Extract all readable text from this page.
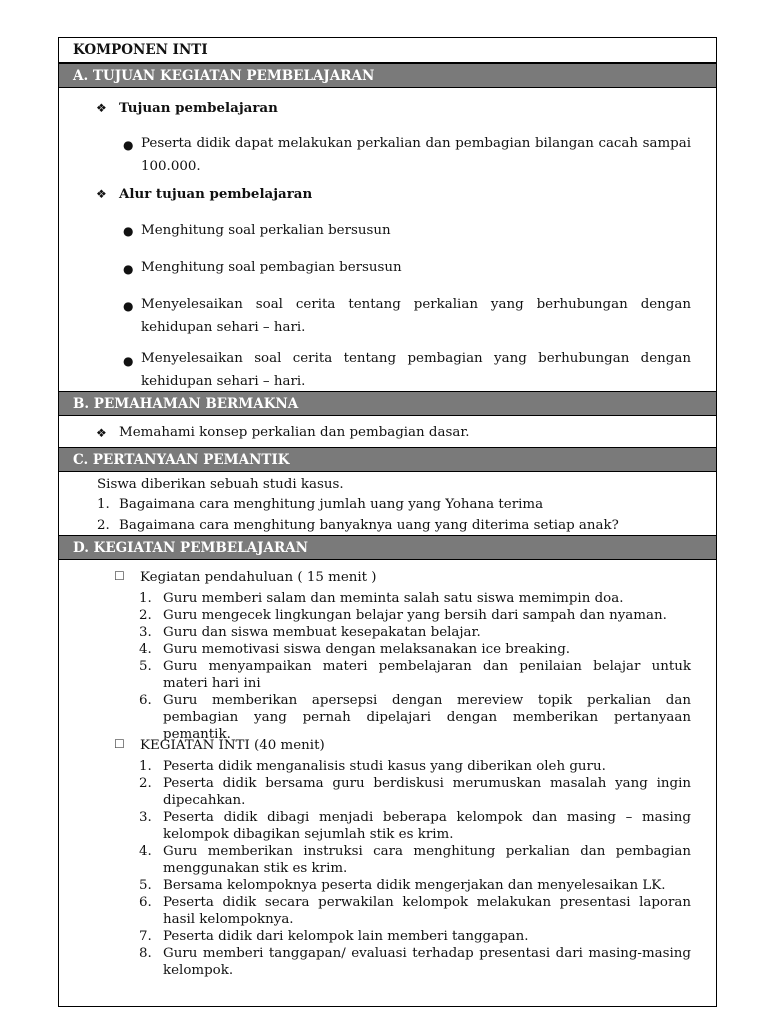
KOMPONEN INTI
A. TUJUAN KEGIATAN PEMBELAJARAN
❖ Tujuan pembelajaran
● Peserta didik dapat melakukan perkalian dan pembagian bilangan cacah sampai 100.000.
❖ Alur tujuan pembelajaran
● Menghitung soal perkalian bersusun
● Menghitung soal pembagian bersusun
● Menyelesaikan soal cerita tentang perkalian yang berhubungan dengan kehidupan sehari – hari.
● Menyelesaikan soal cerita tentang pembagian yang berhubungan dengan kehidupan sehari – hari.
B. PEMAHAMAN BERMAKNA
❖ Memahami konsep perkalian dan pembagian dasar.
C. PERTANYAAN PEMANTIK
Siswa diberikan sebuah studi kasus.
1. Bagaimana cara menghitung jumlah uang yang Yohana terima
2. Bagaimana cara menghitung banyaknya uang yang diterima setiap anak?
D. KEGIATAN PEMBELAJARAN
☐ Kegiatan pendahuluan ( 15 menit )
1. Guru memberi salam dan meminta salah satu siswa memimpin doa.
2. Guru mengecek lingkungan belajar yang bersih dari sampah dan nyaman.
3. Guru dan siswa membuat kesepakatan belajar.
4. Guru memotivasi siswa dengan melaksanakan ice breaking.
5. Guru menyampaikan materi pembelajaran dan penilaian belajar untuk materi hari ini
6. Guru memberikan apersepsi dengan mereview topik perkalian dan pembagian yang pernah dipelajari dengan memberikan pertanyaan pemantik.
☐ KEGIATAN INTI (40 menit)
1. Peserta didik menganalisis studi kasus yang diberikan oleh guru.
2. Peserta didik bersama guru berdiskusi merumuskan masalah yang ingin dipecahkan.
3. Peserta didik dibagi menjadi beberapa kelompok dan masing – masing kelompok dibagikan sejumlah stik es krim.
4. Guru memberikan instruksi cara menghitung perkalian dan pembagian menggunakan stik es krim.
5. Bersama kelompoknya peserta didik mengerjakan dan menyelesaikan LK.
6. Peserta didik secara perwakilan kelompok melakukan presentasi laporan hasil kelompoknya.
7. Peserta didik dari kelompok lain memberi tanggapan.
8. Guru memberi tanggapan/ evaluasi terhadap presentasi dari masing-masing kelompok.
